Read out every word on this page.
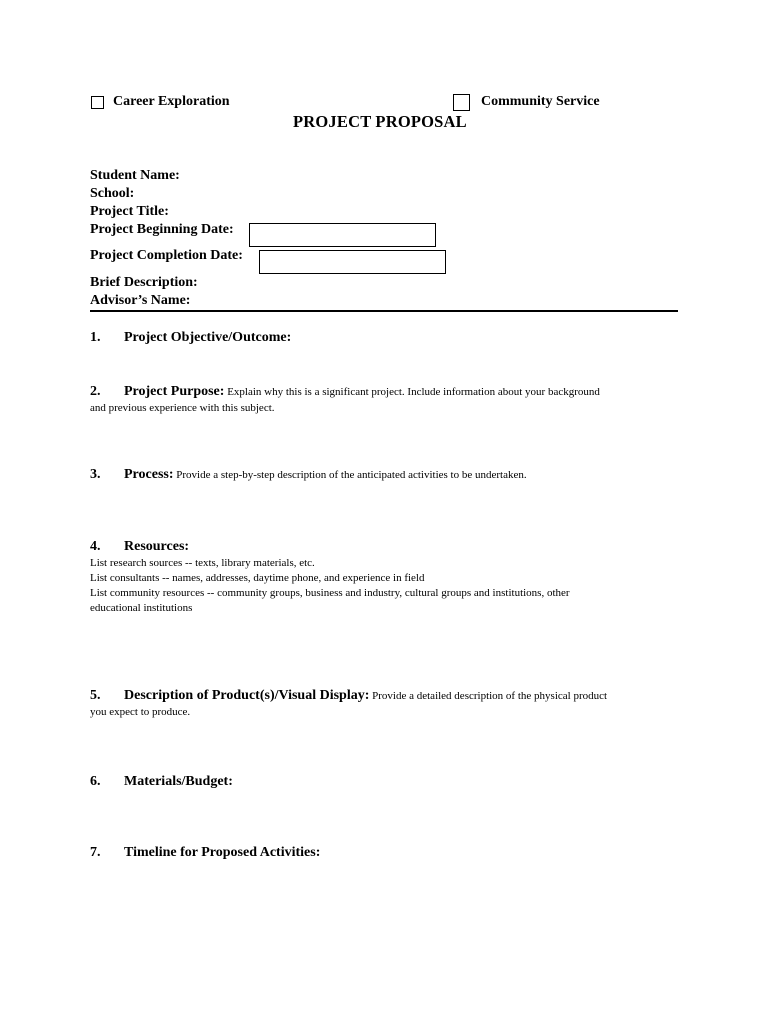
Career Exploration	Community Service
PROJECT PROPOSAL
Student Name:
School:
Project Title:
Project Beginning Date:
Project Completion Date:
Brief Description:
Advisor’s Name:
1. Project Objective/Outcome:
2. Project Purpose: Explain why this is a significant project. Include information about your background
and previous experience with this subject.
3. Process: Provide a step-by-step description of the anticipated activities to be undertaken.
4. Resources:
List research sources -- texts, library materials, etc.
List consultants -- names, addresses, daytime phone, and experience in field
List community resources -- community groups, business and industry, cultural groups and institutions, other
educational institutions
5. Description of Product(s)/Visual Display: Provide a detailed description of the physical product
you expect to produce.
6. Materials/Budget:
7. Timeline for Proposed Activities:
